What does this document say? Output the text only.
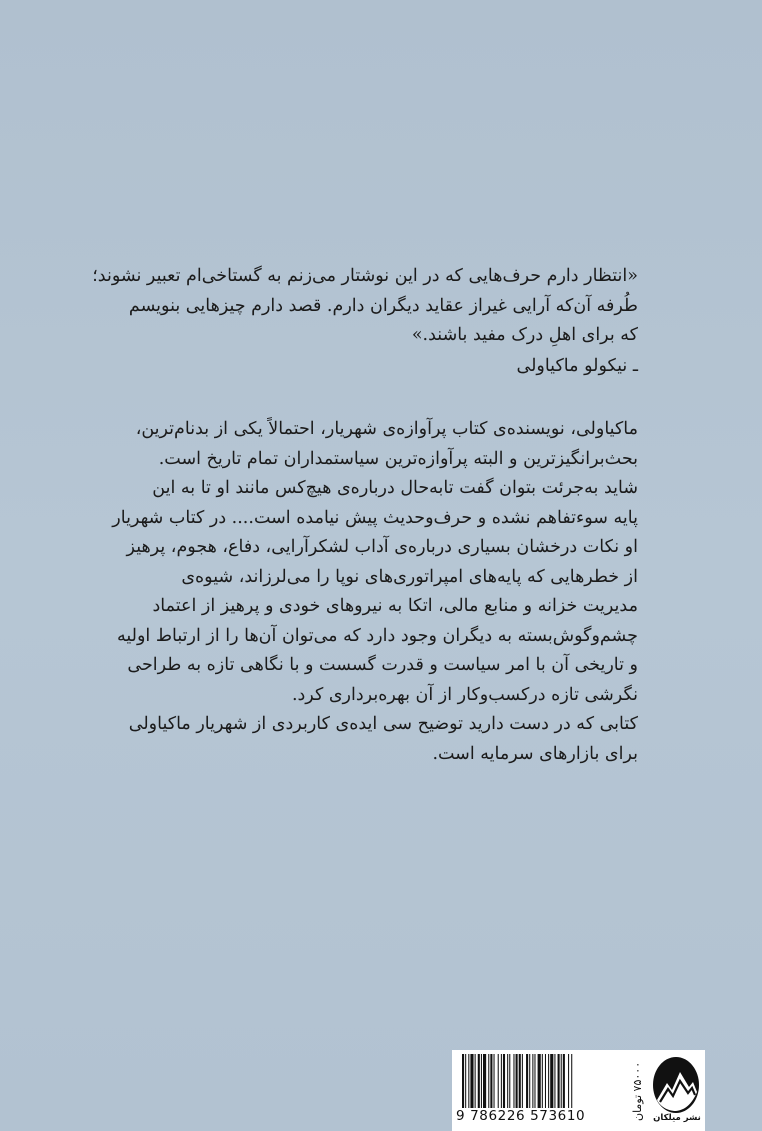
«انتظار دارم حرف‌هایی که در این نوشتار می‌زنم به گستاخی‌ام تعبیر نشوند؛
طُرفه آن‌که آرایی غیراز عقاید دیگران دارم. قصد دارم چیزهایی بنویسم
که برای اهلِ درک مفید باشند.»
ـ نیکولو ماکیاولی
ماکیاولی، نویسنده‌ی کتاب پرآوازه‌ی شهریار، احتمالاً یکی از بدنام‌ترین،
بحث‌برانگیزترین و البته پرآوازه‌ترین سیاستمداران تمام تاریخ است.
شاید به‌جرئت بتوان گفت تابه‌حال درباره‌ی هیچ‌کس مانند او تا به این
پایه سوءتفاهم نشده و حرف‌وحدیث پیش نیامده است.... در کتاب شهریار
او نکات درخشان بسیاری درباره‌ی آداب لشکرآرایی، دفاع، هجوم، پرهیز
از خطرهایی که پایه‌های امپراتوری‌های نوپا را می‌لرزاند، شیوه‌ی
مدیریت خزانه و منابع مالی، اتکا به نیروهای خودی و پرهیز از اعتماد
چشم‌وگوش‌بسته به دیگران وجود دارد که می‌توان آن‌ها را از ارتباط اولیه
و تاریخی آن با امر سیاست و قدرت گسست و با نگاهی تازه به طراحی
نگرشی تازه درکسب‌وکار از آن بهره‌برداری کرد.
کتابی که در دست دارید توضیح سی ایده‌ی کاربردی از شهریار ماکیاولی
برای بازارهای سرمایه است.
9 786226 573610	۷۵۰۰۰ تومان
نشر میلکان
